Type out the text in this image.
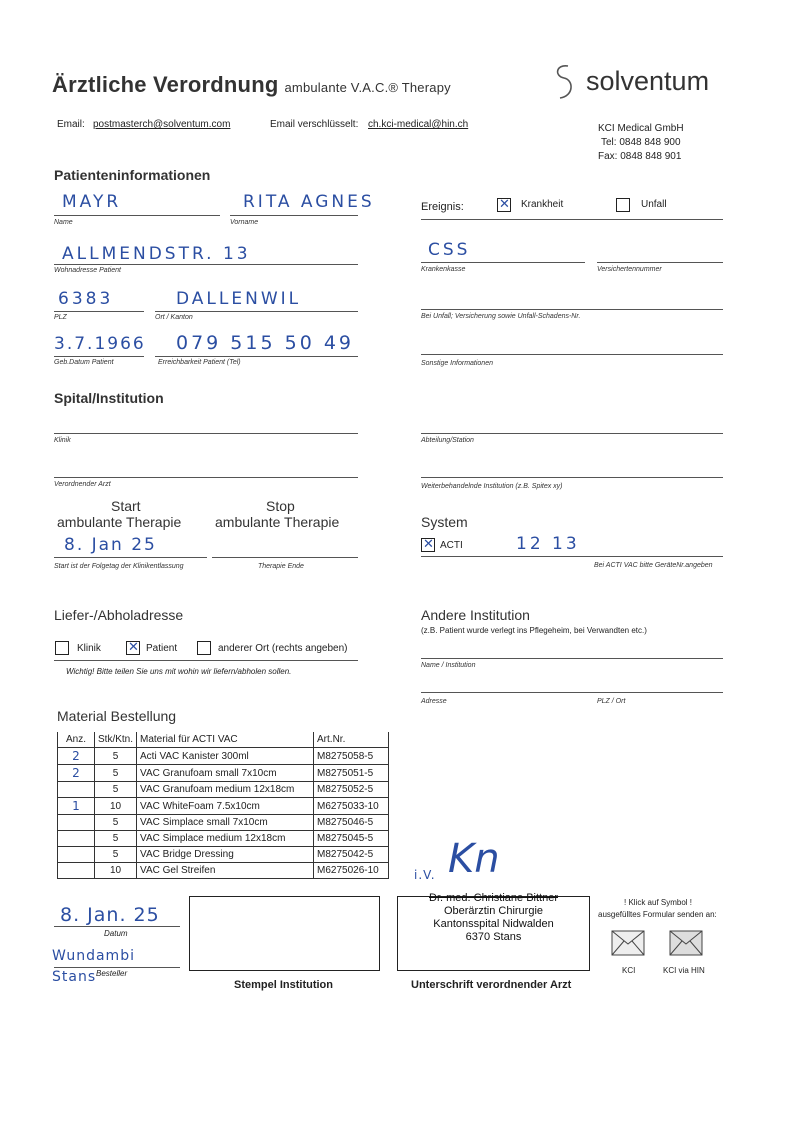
Ärztliche Verordnung ambulante V.A.C.® Therapy	solventum
Email: postmasterch@solventum.com	Email verschlüsselt: ch.kci-medical@hin.ch	KCI Medical GmbH
Tel: 0848 848 900
Fax: 0848 848 901
Patienteninformationen
MAYR
Name
RITA AGNES
Vorname
Ereignis: ✕	Krankheit	Unfall
ALLMENDSTR. 13
Wohnadresse Patient
CSS
Krankenkasse	Versichertennummer
6383
PLZ
DALLENWIL
Ort / Kanton	Bei Unfall; Versicherung sowie Unfall-Schadens-Nr.
3.7.1966
Geb.Datum Patient
079 515 50 49
Erreichbarkeit Patient (Tel)	Sonstige Informationen
Spital/Institution
Klinik	Abteilung/Station
Verordnender Arzt	Weiterbehandelnde Institution (z.B. Spitex xy)
Start
ambulante Therapie
Stop
ambulante Therapie
8. Jan 25
Start ist der Folgetag der Klinikentlassung	Therapie Ende
System
✕
ACTI	12 13
Bei ACTI VAC bitte GeräteNr.angeben
Liefer-/Abholadresse
Klinik ✕	Patient	anderer Ort (rechts angeben)
Wichtig! Bitte teilen Sie uns mit wohin wir liefern/abholen sollen.
Andere Institution
(z.B. Patient wurde verlegt ins Pflegeheim, bei Verwandten etc.)
Name / Institution
Adresse	PLZ / Ort
Material Bestellung
Anz.	Stk/Ktn.	Material für ACTI VAC	Art.Nr.
2	5	Acti VAC Kanister 300ml	M8275058-5
2	5	VAC Granufoam small 7x10cm	M8275051-5
	5	VAC Granufoam medium 12x18cm	M8275052-5
1	10	VAC WhiteFoam 7.5x10cm	M6275033-10
	5	VAC Simplace small 7x10cm	M8275046-5
	5	VAC Simplace medium 12x18cm	M8275045-5
	5	VAC Bridge Dressing	M8275042-5
	10	VAC Gel Streifen	M6275026-10
8. Jan. 25
Datum
Wundambi Stans Besteller
Stempel Institution
i.V. Kn
Dr. med. Christiane Bittner
Oberärztin Chirurgie
Kantonsspital Nidwalden
6370 Stans
Unterschrift verordnender Arzt
! Klick auf Symbol !
ausgefülltes Formular senden an:
KCI	KCI via HIN
